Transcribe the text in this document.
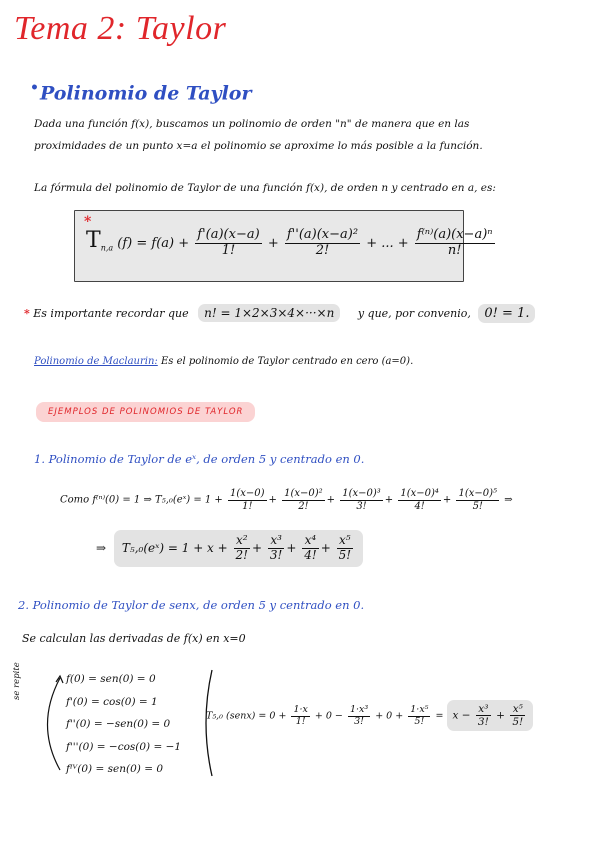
Tema 2: Taylor
•Polinomio de Taylor
Dada una función f(x), buscamos un polinomio de orden "n" de manera que en las
proximidades de un punto x=a el polinomio se aproxime lo más posible a la función.
La fórmula del polinomio de Taylor de una función f(x), de orden n y centrado en a, es:
*
$T_{n,a}$ $(f) = f(a) + \frac{f'(a)(x-a)}{1!} + \frac{\text{f''(a)(x−a)²}}{2!}$ + ... + $\frac{\text{f⁽ⁿ⁾(a)(x−a)ⁿ}}{n!}$
* Es importante recordar que n! = 1×2×3×4×···×n y que, por convenio, 0! = 1.
Polinomio de Maclaurin: Es el polinomio de Taylor centrado en cero (a=0).
EJEMPLOS DE POLINOMIOS DE TAYLOR
1. Polinomio de Taylor de eˣ, de orden 5 y centrado en 0.
Como f⁽ⁿ⁾(0) = 1 ⇒ T₅,₀(eˣ) = $1 + \frac{1(x-0)}{1!} + \frac{\text{1(x−0)²}}{2!} + \frac{\text{1(x−0)³}}{3!} + \frac{\text{1(x−0)⁴}}{4!} + \frac{\text{1(x−0)⁵}}{5!}$ ⇒
⇒ T₅,₀(eˣ) = $1 + x + \frac{\text{x²}}{2!} + \frac{\text{x³}}{3!} + \frac{\text{x⁴}}{4!} + \frac{\text{x⁵}}{5!}$
2. Polinomio de Taylor de senx, de orden 5 y centrado en 0.
Se calculan las derivadas de f(x) en x=0
se repite	f(0) = sen(0) = 0
f'(0) = cos(0) = 1
f''(0) = −sen(0) = 0
f'''(0) = −cos(0) = −1
fᴵⱽ(0) = sen(0) = 0
T₅,₀ (senx) = $0 + \frac{1\cdot x}{1!} + 0 - \frac{\text{1·x³}}{3!} + 0 + \frac{\text{1·x⁵}}{5!} = x - \frac{\text{x³}}{3!} + \frac{\text{x⁵}}{5!}$
